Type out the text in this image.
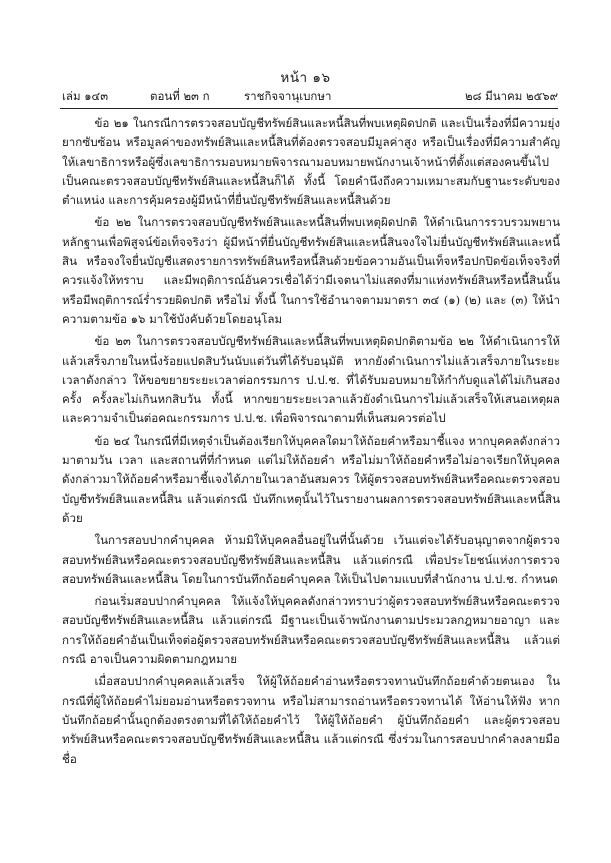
หน้า ๑๖
เล่ม ๑๔๓	ตอนที่ ๒๓ ก	ราชกิจจานุเบกษา	๒๘ มีนาคม ๒๕๖๙

ข้อ ๒๑ ในกรณีการตรวจสอบบัญชีทรัพย์สินและหนี้สินที่พบเหตุผิดปกติ และเป็นเรื่องที่มีความยุ่งยากซับซ้อน หรือมูลค่าของทรัพย์สินและหนี้สินที่ต้องตรวจสอบมีมูลค่าสูง หรือเป็นเรื่องที่มีความสำคัญ ให้เลขาธิการหรือผู้ซึ่งเลขาธิการมอบหมายพิจารณามอบหมายพนักงานเจ้าหน้าที่ตั้งแต่สองคนขึ้นไป เป็นคณะตรวจสอบบัญชีทรัพย์สินและหนี้สินก็ได้ ทั้งนี้ โดยคำนึงถึงความเหมาะสมกับฐานะระดับของตำแหน่ง และการคุ้มครองผู้มีหน้าที่ยื่นบัญชีทรัพย์สินและหนี้สินด้วย

ข้อ ๒๒ ในการตรวจสอบบัญชีทรัพย์สินและหนี้สินที่พบเหตุผิดปกติ ให้ดำเนินการรวบรวมพยานหลักฐานเพื่อพิสูจน์ข้อเท็จจริงว่า ผู้มีหน้าที่ยื่นบัญชีทรัพย์สินและหนี้สินจงใจไม่ยื่นบัญชีทรัพย์สินและหนี้สิน หรือจงใจยื่นบัญชีแสดงรายการทรัพย์สินหรือหนี้สินด้วยข้อความอันเป็นเท็จหรือปกปิดข้อเท็จจริงที่ควรแจ้งให้ทราบ และมีพฤติการณ์อันควรเชื่อได้ว่ามีเจตนาไม่แสดงที่มาแห่งทรัพย์สินหรือหนี้สินนั้น หรือมีพฤติการณ์ร่ำรวยผิดปกติ หรือไม่ ทั้งนี้ ในการใช้อำนาจตามมาตรา ๓๔ (๑) (๒) และ (๓) ให้นำความตามข้อ ๑๖ มาใช้บังคับด้วยโดยอนุโลม

ข้อ ๒๓ ในการตรวจสอบบัญชีทรัพย์สินและหนี้สินที่พบเหตุผิดปกติตามข้อ ๒๒ ให้ดำเนินการให้แล้วเสร็จภายในหนึ่งร้อยแปดสิบวันนับแต่วันที่ได้รับอนุมัติ หากยังดำเนินการไม่แล้วเสร็จภายในระยะเวลาดังกล่าว ให้ขอขยายระยะเวลาต่อกรรมการ ป.ป.ช. ที่ได้รับมอบหมายให้กำกับดูแลได้ไม่เกินสองครั้ง ครั้งละไม่เกินหกสิบวัน ทั้งนี้ หากขยายระยะเวลาแล้วยังดำเนินการไม่แล้วเสร็จให้เสนอเหตุผลและความจำเป็นต่อคณะกรรมการ ป.ป.ช. เพื่อพิจารณาตามที่เห็นสมควรต่อไป

ข้อ ๒๔ ในกรณีที่มีเหตุจำเป็นต้องเรียกให้บุคคลใดมาให้ถ้อยคำหรือมาชี้แจง หากบุคคลดังกล่าวมาตามวัน เวลา และสถานที่ที่กำหนด แต่ไม่ให้ถ้อยคำ หรือไม่มาให้ถ้อยคำหรือไม่อาจเรียกให้บุคคลดังกล่าวมาให้ถ้อยคำหรือมาชี้แจงได้ภายในเวลาอันสมควร ให้ผู้ตรวจสอบทรัพย์สินหรือคณะตรวจสอบบัญชีทรัพย์สินและหนี้สิน แล้วแต่กรณี บันทึกเหตุนั้นไว้ในรายงานผลการตรวจสอบทรัพย์สินและหนี้สินด้วย

ในการสอบปากคำบุคคล ห้ามมิให้บุคคลอื่นอยู่ในที่นั้นด้วย เว้นแต่จะได้รับอนุญาตจากผู้ตรวจสอบทรัพย์สินหรือคณะตรวจสอบบัญชีทรัพย์สินและหนี้สิน แล้วแต่กรณี เพื่อประโยชน์แห่งการตรวจสอบทรัพย์สินและหนี้สิน โดยในการบันทึกถ้อยคำบุคคล ให้เป็นไปตามแบบที่สำนักงาน ป.ป.ช. กำหนด

ก่อนเริ่มสอบปากคำบุคคล ให้แจ้งให้บุคคลดังกล่าวทราบว่าผู้ตรวจสอบทรัพย์สินหรือคณะตรวจสอบบัญชีทรัพย์สินและหนี้สิน แล้วแต่กรณี มีฐานะเป็นเจ้าพนักงานตามประมวลกฎหมายอาญา และการให้ถ้อยคำอันเป็นเท็จต่อผู้ตรวจสอบทรัพย์สินหรือคณะตรวจสอบบัญชีทรัพย์สินและหนี้สิน แล้วแต่กรณี อาจเป็นความผิดตามกฎหมาย

เมื่อสอบปากคำบุคคลแล้วเสร็จ ให้ผู้ให้ถ้อยคำอ่านหรือตรวจทานบันทึกถ้อยคำด้วยตนเอง ในกรณีที่ผู้ให้ถ้อยคำไม่ยอมอ่านหรือตรวจทาน หรือไม่สามารถอ่านหรือตรวจทานได้ ให้อ่านให้ฟัง หากบันทึกถ้อยคำนั้นถูกต้องตรงตามที่ได้ให้ถ้อยคำไว้ ให้ผู้ให้ถ้อยคำ ผู้บันทึกถ้อยคำ และผู้ตรวจสอบทรัพย์สินหรือคณะตรวจสอบบัญชีทรัพย์สินและหนี้สิน แล้วแต่กรณี ซึ่งร่วมในการสอบปากคำลงลายมือชื่อ
